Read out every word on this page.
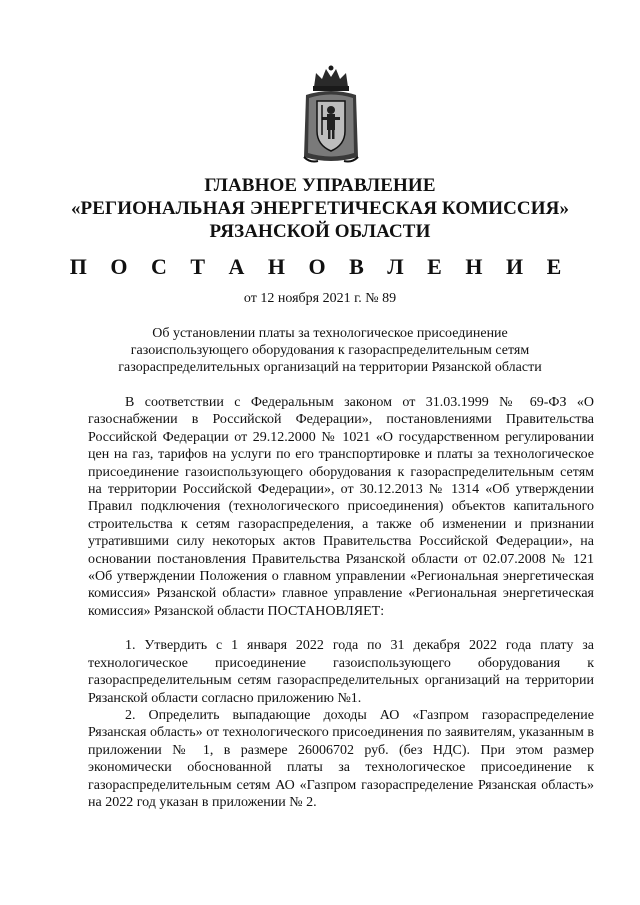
ГЛАВНОЕ УПРАВЛЕНИЕ
«РЕГИОНАЛЬНАЯ ЭНЕРГЕТИЧЕСКАЯ КОМИССИЯ»
РЯЗАНСКОЙ ОБЛАСТИ
П О С Т А Н О В Л Е Н И Е
от 12 ноября 2021 г. № 89
Об установлении платы за технологическое присоединение
газоиспользующего оборудования к газораспределительным сетям
газораспределительных организаций на территории Рязанской области

В соответствии с Федеральным законом от 31.03.1999 № 69-ФЗ «О газоснабжении в Российской Федерации», постановлениями Правительства Российской Федерации от 29.12.2000 № 1021 «О государственном регулировании цен на газ, тарифов на услуги по его транспортировке и платы за технологическое присоединение газоиспользующего оборудования к газораспределительным сетям на территории Российской Федерации», от 30.12.2013 № 1314 «Об утверждении Правил подключения (технологического присоединения) объектов капитального строительства к сетям газораспределения, а также об изменении и признании утратившими силу некоторых актов Правительства Российской Федерации», на основании постановления Правительства Рязанской области от 02.07.2008 № 121 «Об утверждении Положения о главном управлении «Региональная энергетическая комиссия» Рязанской области» главное управление «Региональная энергетическая комиссия» Рязанской области ПОСТАНОВЛЯЕТ:

1. Утвердить с 1 января 2022 года по 31 декабря 2022 года плату за технологическое присоединение газоиспользующего оборудования к газораспределительным сетям газораспределительных организаций на территории Рязанской области согласно приложению №1.

2. Определить выпадающие доходы АО «Газпром газораспределение Рязанская область» от технологического присоединения по заявителям, указанным в приложении № 1, в размере 26006702 руб. (без НДС). При этом размер экономически обоснованной платы за технологическое присоединение к газораспределительным сетям АО «Газпром газораспределение Рязанская область» на 2022 год указан в приложении № 2.
